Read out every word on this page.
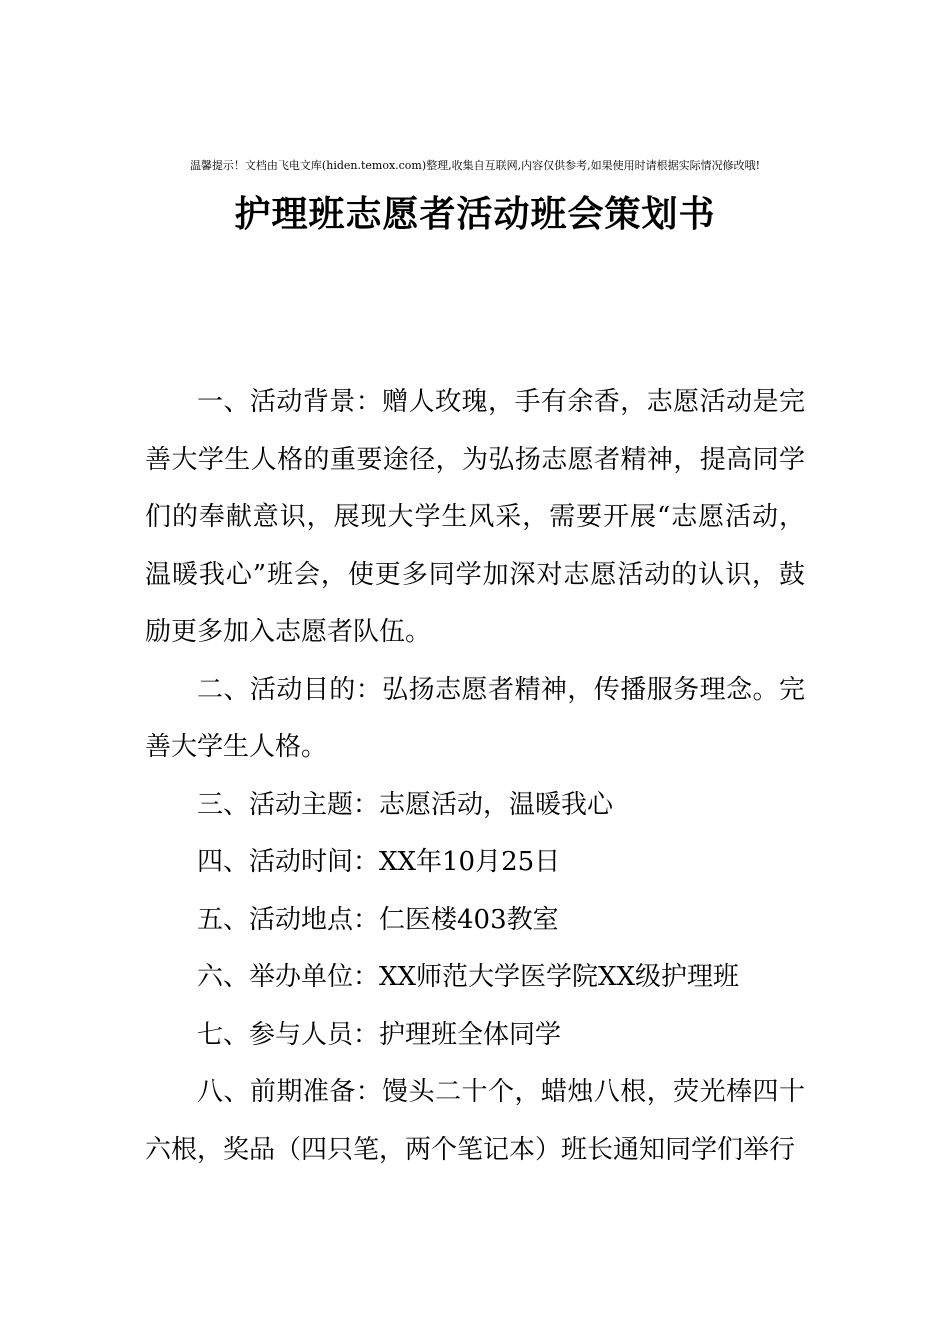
温馨提示！文档由飞电文库(hiden.temox.com)整理,收集自互联网,内容仅供参考,如果使用时请根据实际情况修改哦!
护理班志愿者活动班会策划书

一、活动背景：赠人玫瑰，手有余香，志愿活动是完善大学生人格的重要途径，为弘扬志愿者精神，提高同学们的奉献意识，展现大学生风采，需要开展“志愿活动，温暖我心”班会，使更多同学加深对志愿活动的认识，鼓励更多加入志愿者队伍。

二、活动目的：弘扬志愿者精神，传播服务理念。完善大学生人格。

三、活动主题：志愿活动，温暖我心

四、活动时间：XX年10月25日

五、活动地点：仁医楼403教室

六、举办单位：XX师范大学医学院XX级护理班

七、参与人员：护理班全体同学

八、前期准备：馒头二十个，蜡烛八根，荧光棒四十六根，奖品（四只笔，两个笔记本）班长通知同学们举行
